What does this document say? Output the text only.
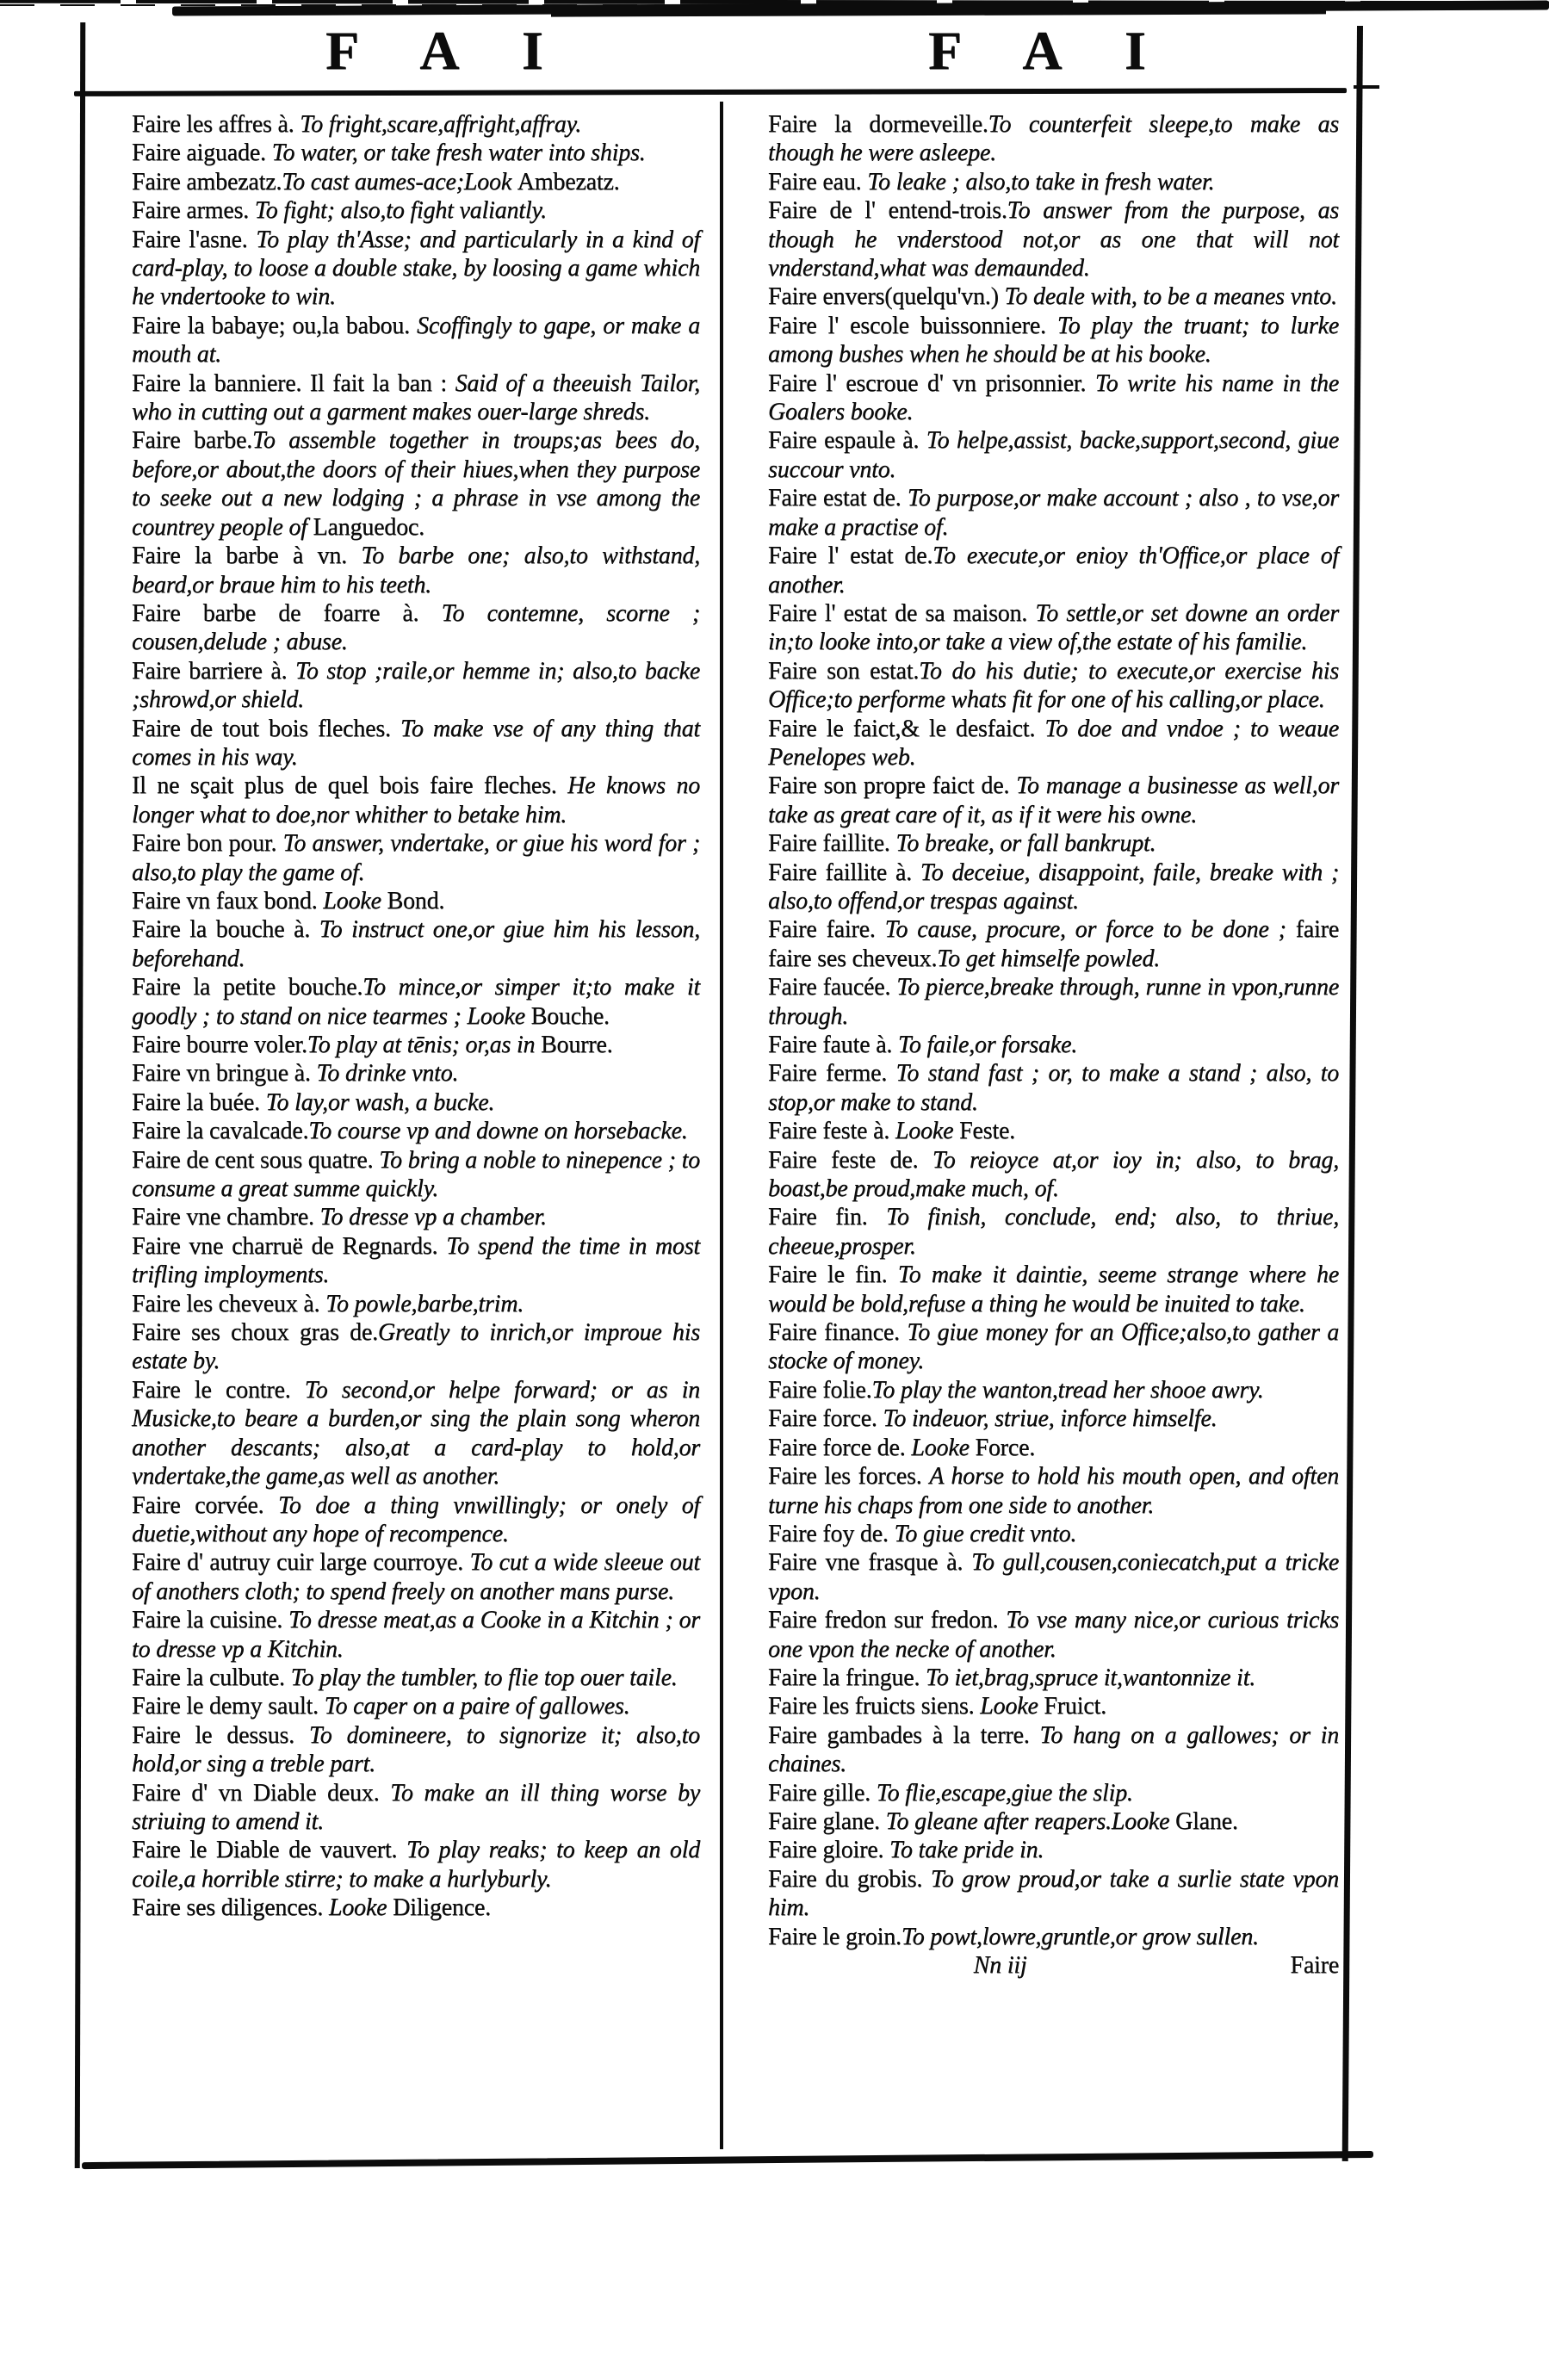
F A I	F A I

Faire les affres à. To fright,scare,affright,affray.

Faire aiguade. To water, or take fresh water into ships.

Faire ambezatz.To cast aumes-ace;Look Ambezatz.

Faire armes. To fight; also,to fight valiantly.

Faire l'asne. To play th'Asse; and particularly in a kind of card-play, to loose a double stake, by loosing a game which he vndertooke to win.

Faire la babaye; ou,la babou. Scoffingly to gape, or make a mouth at.

Faire la banniere. Il fait la ban : Said of a theeuish Tailor, who in cutting out a garment makes ouer-large shreds.

Faire barbe.To assemble together in troups;as bees do, before,or about,the doors of their hiues,when they purpose to seeke out a new lodging ; a phrase in vse among the countrey people of Languedoc.

Faire la barbe à vn. To barbe one; also,to withstand, beard,or braue him to his teeth.

Faire barbe de foarre à. To contemne, scorne ; cousen,delude ; abuse.

Faire barriere à. To stop ;raile,or hemme in; also,to backe ;shrowd,or shield.

Faire de tout bois fleches. To make vse of any thing that comes in his way.

Il ne sçait plus de quel bois faire fleches. He knows no longer what to doe,nor whither to betake him.

Faire bon pour. To answer, vndertake, or giue his word for ; also,to play the game of.

Faire vn faux bond. Looke Bond.

Faire la bouche à. To instruct one,or giue him his lesson, beforehand.

Faire la petite bouche.To mince,or simper it;to make it goodly ; to stand on nice tearmes ; Looke Bouche.

Faire bourre voler.To play at tēnis; or,as in Bourre.

Faire vn bringue à. To drinke vnto.

Faire la buée. To lay,or wash, a bucke.

Faire la cavalcade.To course vp and downe on horsebacke.

Faire de cent sous quatre. To bring a noble to ninepence ; to consume a great summe quickly.

Faire vne chambre. To dresse vp a chamber.

Faire vne charruë de Regnards. To spend the time in most trifling imployments.

Faire les cheveux à. To powle,barbe,trim.

Faire ses choux gras de.Greatly to inrich,or improue his estate by.

Faire le contre. To second,or helpe forward; or as in Musicke,to beare a burden,or sing the plain song wheron another descants; also,at a card-play to hold,or vndertake,the game,as well as another.

Faire corvée. To doe a thing vnwillingly; or onely of duetie,without any hope of recompence.

Faire d' autruy cuir large courroye. To cut a wide sleeue out of anothers cloth; to spend freely on another mans purse.

Faire la cuisine. To dresse meat,as a Cooke in a Kitchin ; or to dresse vp a Kitchin.

Faire la culbute. To play the tumbler, to flie top ouer taile.

Faire le demy sault. To caper on a paire of gallowes.

Faire le dessus. To domineere, to signorize it; also,to hold,or sing a treble part.

Faire d' vn Diable deux. To make an ill thing worse by striuing to amend it.

Faire le Diable de vauvert. To play reaks; to keep an old coile,a horrible stirre; to make a hurlyburly.

Faire ses diligences. Looke Diligence.

Faire la dormeveille.To counterfeit sleepe,to make as though he were asleepe.

Faire eau. To leake ; also,to take in fresh water.

Faire de l' entend-trois.To answer from the purpose, as though he vnderstood not,or as one that will not vnderstand,what was demaunded.

Faire envers(quelqu'vn.) To deale with, to be a meanes vnto.

Faire l' escole buissonniere. To play the truant; to lurke among bushes when he should be at his booke.

Faire l' escroue d' vn prisonnier. To write his name in the Goalers booke.

Faire espaule à. To helpe,assist, backe,support,second, giue succour vnto.

Faire estat de. To purpose,or make account ; also , to vse,or make a practise of.

Faire l' estat de.To execute,or enioy th'Office,or place of another.

Faire l' estat de sa maison. To settle,or set downe an order in;to looke into,or take a view of,the estate of his familie.

Faire son estat.To do his dutie; to execute,or exercise his Office;to performe whats fit for one of his calling,or place.

Faire le faict,& le desfaict. To doe and vndoe ; to weaue Penelopes web.

Faire son propre faict de. To manage a businesse as well,or take as great care of it, as if it were his owne.

Faire faillite. To breake, or fall bankrupt.

Faire faillite à. To deceiue, disappoint, faile, breake with ; also,to offend,or trespas against.

Faire faire. To cause, procure, or force to be done ; faire faire ses cheveux.To get himselfe powled.

Faire faucée. To pierce,breake through, runne in vpon,runne through.

Faire faute à. To faile,or forsake.

Faire ferme. To stand fast ; or, to make a stand ; also, to stop,or make to stand.

Faire feste à. Looke Feste.

Faire feste de. To reioyce at,or ioy in; also, to brag, boast,be proud,make much, of.

Faire fin. To finish, conclude, end; also, to thriue, cheeue,prosper.

Faire le fin. To make it daintie, seeme strange where he would be bold,refuse a thing he would be inuited to take.

Faire finance. To giue money for an Office;also,to gather a stocke of money.

Faire folie.To play the wanton,tread her shooe awry.

Faire force. To indeuor, striue, inforce himselfe.

Faire force de. Looke Force.

Faire les forces. A horse to hold his mouth open, and often turne his chaps from one side to another.

Faire foy de. To giue credit vnto.

Faire vne frasque à. To gull,cousen,coniecatch,put a tricke vpon.

Faire fredon sur fredon. To vse many nice,or curious tricks one vpon the necke of another.

Faire la fringue. To iet,brag,spruce it,wantonnize it.

Faire les fruicts siens. Looke Fruict.

Faire gambades à la terre. To hang on a gallowes; or in chaines.

Faire gille. To flie,escape,giue the slip.

Faire glane. To gleane after reapers.Looke Glane.

Faire gloire. To take pride in.

Faire du grobis. To grow proud,or take a surlie state vpon him.

Faire le groin.To powt,lowre,gruntle,or grow sullen.

Nn iij	Faire
